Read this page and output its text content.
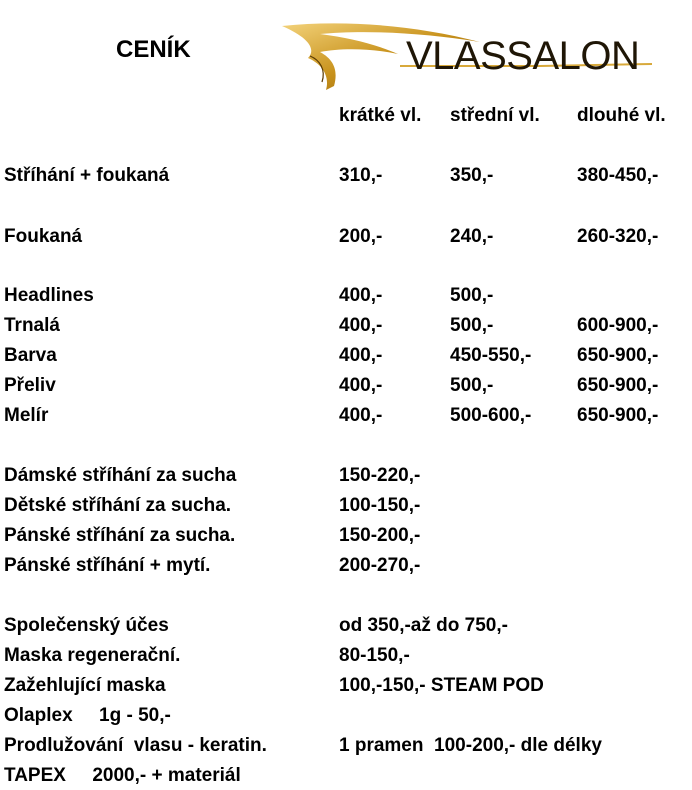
CENÍK	VLASSALON
krátké vl. střední vl. dlouhé vl.
Stříhání + foukaná	310,-	350,-	380-450,-
Foukaná	200,-	240,-	260-320,-
Headlines	400,-	500,-
Trnalá	400,-	500,-	600-900,-
Barva	400,-	450-550,- 650-900,-
Přeliv	400,-	500,-	650-900,-
Melír	400,-	500-600,- 650-900,-
Dámské stříhání za sucha	150-220,-
Dětské stříhání za sucha.	100-150,-
Pánské stříhání za sucha.	150-200,-
Pánské stříhání + mytí.	200-270,-
Společenský účes	od 350,-až do 750,-
Maska regenerační.	80-150,-
Zažehlující maska	100,-150,- STEAM POD
Olaplex     1g - 50,-
Prodlužování  vlasu - keratin.	1 pramen  100-200,- dle délky
TAPEX     2000,- + materiál
